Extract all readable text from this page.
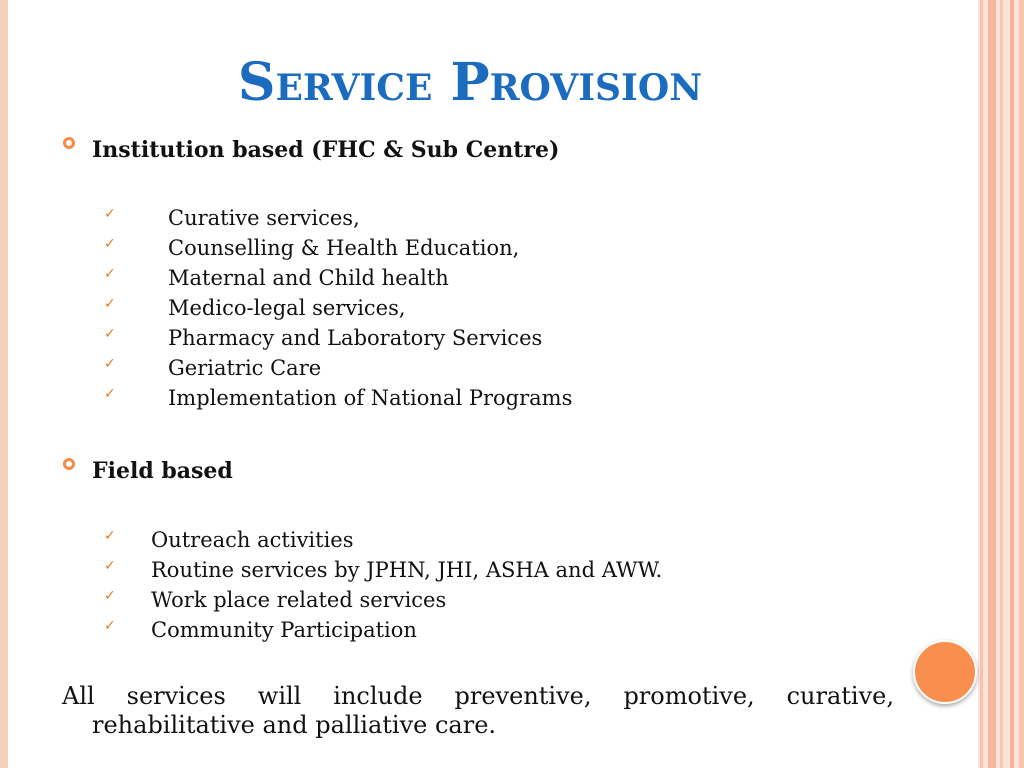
Service Provision
Institution based (FHC & Sub Centre)
✓ Curative services,
✓ Counselling & Health Education,
✓ Maternal and Child health
✓ Medico-legal services,
✓ Pharmacy and Laboratory Services
✓ Geriatric Care
✓ Implementation of National Programs
Field based
✓ Outreach activities
✓ Routine services by JPHN, JHI, ASHA and AWW.
✓ Work place related services
✓ Community Participation
All services will include preventive, promotive, curative, rehabilitative and palliative care.
